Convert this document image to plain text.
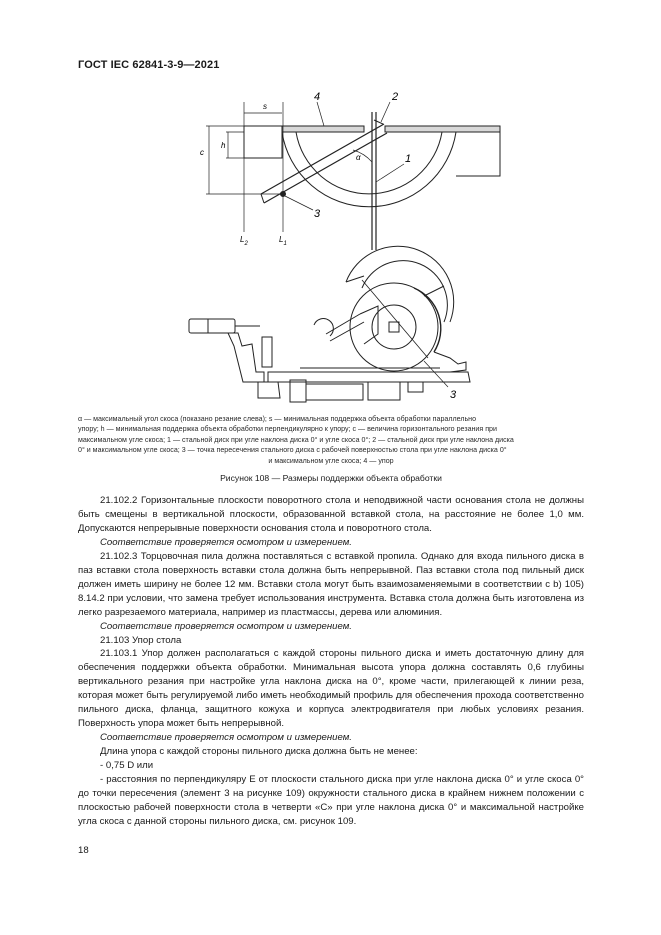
ГОСТ IEC 62841-3-9—2021
s
4	2
1
3
h
c
α
$L_2$	$L_1$
3
α — максимальный угол скоса (показано резание слева); s — минимальная поддержка объекта обработки параллельно
упору; h — минимальная поддержка объекта обработки перпендикулярно к упору; c — величина горизонтального резания при
максимальном угле скоса; 1 — стальной диск при угле наклона диска 0° и угле скоса 0°; 2 — стальной диск при угле наклона диска
0° и максимальном угле скоса; 3 — точка пересечения стального диска с рабочей поверхностью стола при угле наклона диска 0°
и максимальном угле скоса; 4 — упор
Рисунок 108 — Размеры поддержки объекта обработки

21.102.2 Горизонтальные плоскости поворотного стола и неподвижной части основания стола не должны быть смещены в вертикальной плоскости, образованной вставкой стола, на расстояние не более 1,0 мм. Допускаются непрерывные поверхности основания стола и поворотного стола.

Соответствие проверяется осмотром и измерением.

21.102.3 Торцовочная пила должна поставляться с вставкой пропила. Однако для входа пильного диска в паз вставки стола поверхность вставки стола должна быть непрерывной. Паз вставки стола под пильный диск должен иметь ширину не более 12 мм. Вставки стола могут быть взаимозаменяемыми в соответствии с b) 105) 8.14.2 при условии, что замена требует использования инструмента. Вставка стола должна быть изготовлена из легко разрезаемого материала, например из пластмассы, дерева или алюминия.

Соответствие проверяется осмотром и измерением.

21.103 Упор стола

21.103.1 Упор должен располагаться с каждой стороны пильного диска и иметь достаточную длину для обеспечения поддержки объекта обработки. Минимальная высота упора должна составлять 0,6 глубины вертикального резания при настройке угла наклона диска на 0°, кроме части, прилегающей к линии реза, которая может быть регулируемой либо иметь необходимый профиль для обеспечения прохода соответственно пильного диска, фланца, защитного кожуха и корпуса электродвигателя при любых условиях резания. Поверхность упора может быть непрерывной.

Соответствие проверяется осмотром и измерением.

Длина упора с каждой стороны пильного диска должна быть не менее:

- 0,75 D или

- расстояния по перпендикуляру E от плоскости стального диска при угле наклона диска 0° и угле скоса 0° до точки пересечения (элемент 3 на рисунке 109) окружности стального диска в крайнем нижнем положении с плоскостью рабочей поверхности стола в четверти «C» при угле наклона диска 0° и максимальной настройке угла скоса с данной стороны пильного диска, см. рисунок 109.

18
